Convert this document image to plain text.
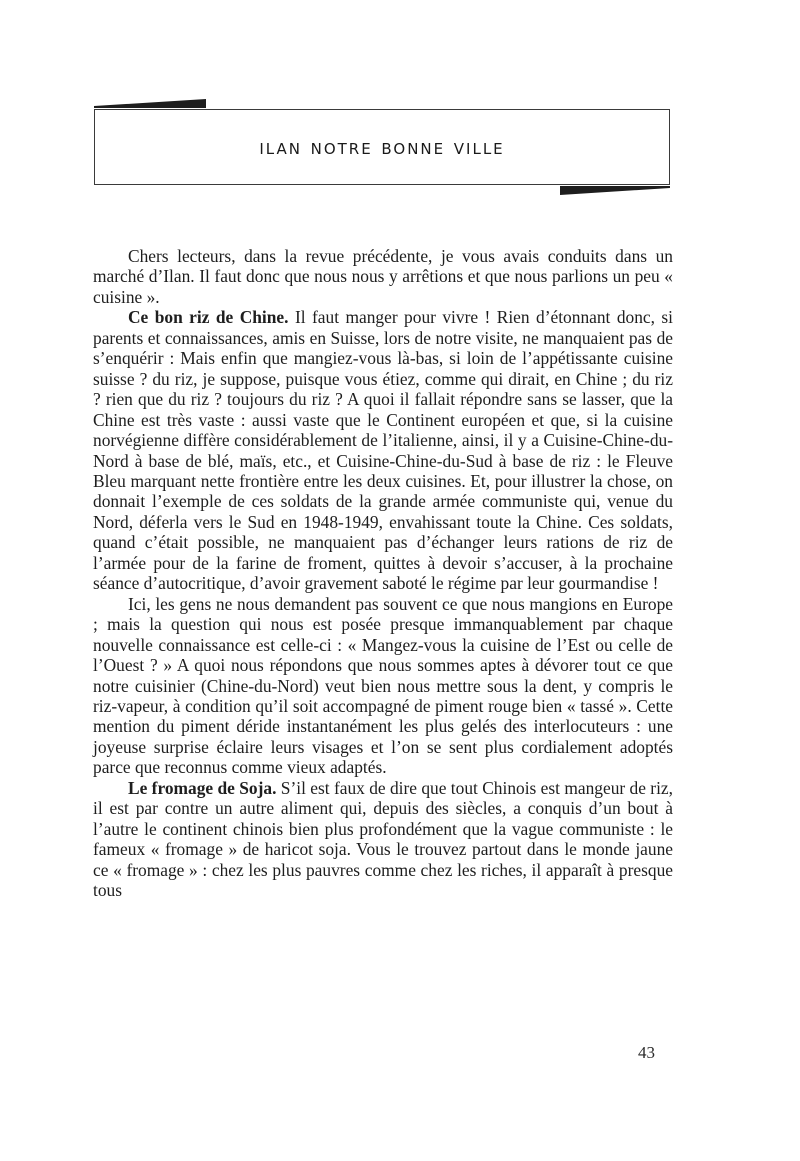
ilan notre bonne ville

Chers lecteurs, dans la revue précédente, je vous avais conduits dans un marché d’Ilan. Il faut donc que nous nous y arrêtions et que nous parlions un peu « cuisine ».

Ce bon riz de Chine. Il faut manger pour vivre ! Rien d’étonnant donc, si parents et connaissances, amis en Suisse, lors de notre visite, ne manquaient pas de s’enquérir : Mais enfin que mangiez-vous là-bas, si loin de l’appétissante cuisine suisse ? du riz, je suppose, puisque vous étiez, comme qui dirait, en Chine ; du riz ? rien que du riz ? toujours du riz ? A quoi il fallait répondre sans se lasser, que la Chine est très vaste : aussi vaste que le Continent européen et que, si la cuisine norvégienne diffère considérablement de l’italienne, ainsi, il y a Cuisine-Chine-du-Nord à base de blé, maïs, etc., et Cuisine-Chine-du-Sud à base de riz : le Fleuve Bleu marquant nette frontière entre les deux cuisines. Et, pour illustrer la chose, on donnait l’exemple de ces soldats de la grande armée communiste qui, venue du Nord, déferla vers le Sud en 1948-1949, envahissant toute la Chine. Ces soldats, quand c’était possible, ne manquaient pas d’échanger leurs rations de riz de l’armée pour de la farine de froment, quittes à devoir s’accuser, à la prochaine séance d’autocritique, d’avoir gravement saboté le régime par leur gourmandise !

Ici, les gens ne nous demandent pas souvent ce que nous mangions en Europe ; mais la question qui nous est posée presque immanquablement par chaque nouvelle connaissance est celle-ci : « Mangez-vous la cuisine de l’Est ou celle de l’Ouest ? » A quoi nous répondons que nous sommes aptes à dévorer tout ce que notre cuisinier (Chine-du-Nord) veut bien nous mettre sous la dent, y compris le riz-vapeur, à condition qu’il soit accompagné de piment rouge bien « tassé ». Cette mention du piment déride instantanément les plus gelés des interlocuteurs : une joyeuse surprise éclaire leurs visages et l’on se sent plus cordialement adoptés parce que reconnus comme vieux adaptés.

Le fromage de Soja. S’il est faux de dire que tout Chinois est mangeur de riz, il est par contre un autre aliment qui, depuis des siècles, a conquis d’un bout à l’autre le continent chinois bien plus profondément que la vague communiste : le fameux « fromage » de haricot soja. Vous le trouvez partout dans le monde jaune ce « fromage » : chez les plus pauvres comme chez les riches, il apparaît à presque tous

43
